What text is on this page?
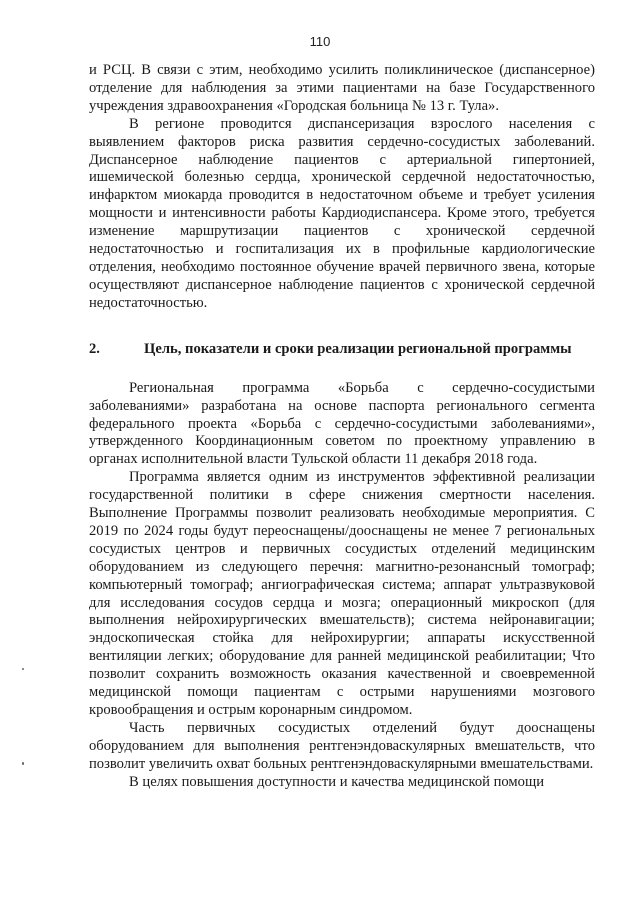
110

и РСЦ. В связи с этим, необходимо усилить поликлиническое (диспансерное) отделение для наблюдения за этими пациентами на базе Государственного учреждения здравоохранения «Городская больница № 13 г. Тула».

В регионе проводится диспансеризация взрослого населения с выявлением факторов риска развития сердечно-сосудистых заболеваний. Диспансерное наблюдение пациентов с артериальной гипертонией, ишемической болезнью сердца, хронической сердечной недостаточностью, инфарктом миокарда проводится в недостаточном объеме и требует усиления мощности и интенсивности работы Кардиодиспансера. Кроме этого, требуется изменение маршрутизации пациентов с хронической сердечной недостаточностью и госпитализация их в профильные кардиологические отделения, необходимо постоянное обучение врачей первичного звена, которые осуществляют диспансерное наблюдение пациентов с хронической сердечной недостаточностью.

2.	Цель, показатели и сроки реализации региональной программы

Региональная программа «Борьба с сердечно-сосудистыми заболеваниями» разработана на основе паспорта регионального сегмента федерального проекта «Борьба с сердечно-сосудистыми заболеваниями», утвержденного Координационным советом по проектному управлению в органах исполнительной власти Тульской области 11 декабря 2018 года.

Программа является одним из инструментов эффективной реализации государственной политики в сфере снижения смертности населения. Выполнение Программы позволит реализовать необходимые мероприятия. С 2019 по 2024 годы будут переоснащены/дооснащены не менее 7 региональных сосудистых центров и первичных сосудистых отделений медицинским оборудованием из следующего перечня: магнитно-резонансный томограф; компьютерный томограф; ангиографическая система; аппарат ультразвуковой для исследования сосудов сердца и мозга; операционный микроскоп (для выполнения нейрохирургических вмешательств); система нейронавигации; эндоскопическая стойка для нейрохирургии; аппараты искусственной вентиляции легких; оборудование для ранней медицинской реабилитации; Что позволит сохранить возможность оказания качественной и своевременной медицинской помощи пациентам с острыми нарушениями мозгового кровообращения и острым коронарным синдромом.

Часть первичных сосудистых отделений будут дооснащены оборудованием для выполнения рентгенэндоваскулярных вмешательств, что позволит увеличить охват больных рентгенэндоваскулярными вмешательствами.

В целях повышения доступности и качества медицинской помощи
